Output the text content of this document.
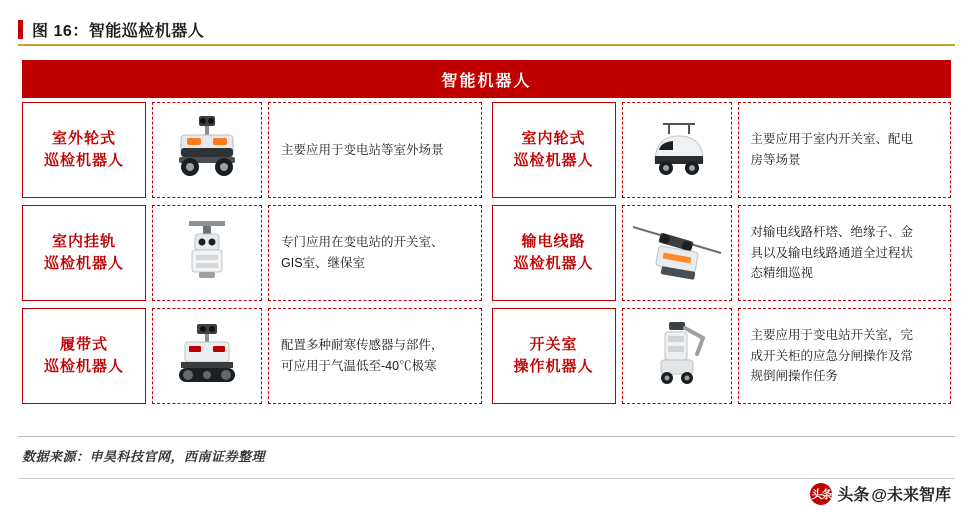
图 16：智能巡检机器人
智能机器人
室外轮式
巡检机器人
主要应用于变电站等室外场景
室内轮式
巡检机器人
主要应用于室内开关室、配电
房等场景
室内挂轨
巡检机器人
专门应用在变电站的开关室、
GIS室、继保室
输电线路
巡检机器人
对输电线路杆塔、绝缘子、金
具以及输电线路通道全过程状
态精细巡视
履带式
巡检机器人
配置多种耐寒传感器与部件，
可应用于气温低至-40℃极寒
开关室
操作机器人
主要应用于变电站开关室，完
成开关柜的应急分闸操作及常
规倒闸操作任务
数据来源：申昊科技官网，西南证券整理
头条 头条 @未来智库
